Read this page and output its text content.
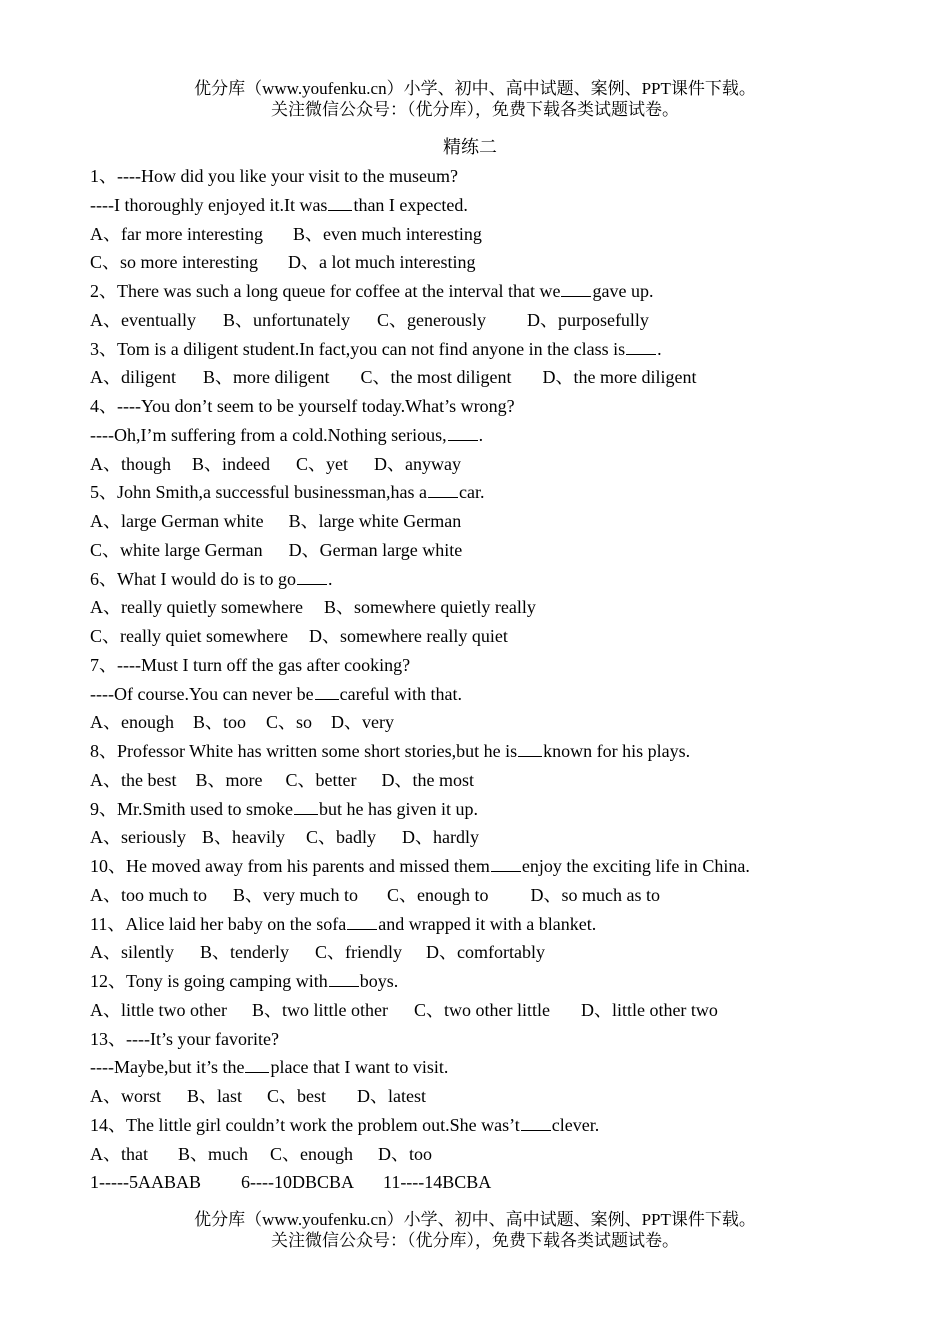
优分库（www.youfenku.cn）小学、初中、高中试题、案例、PPT课件下载。
关注微信公众号：（优分库），免费下载各类试题试卷。
精练二
1、----How did you like your visit to the museum?
----I thoroughly enjoyed it.It was than I expected.
A、far more interesting B、even much interesting
C、so more interesting D、a lot much interesting
2、There was such a long queue for coffee at the interval that we gave up.
A、eventually B、unfortunately C、generously D、purposefully
3、Tom is a diligent student.In fact,you can not find anyone in the class is .
A、diligent B、more diligent C、the most diligent D、the more diligent
4、----You don’t seem to be yourself today.What’s wrong?
----Oh,I’m suffering from a cold.Nothing serious, .
A、though B、indeed C、yet D、anyway
5、John Smith,a successful businessman,has a car.
A、large German white B、large white German
C、white large German D、German large white
6、What I would do is to go .
A、really quietly somewhere B、somewhere quietly really
C、really quiet somewhere D、somewhere really quiet
7、----Must I turn off the gas after cooking?
----Of course.You can never be careful with that.
A、enough B、too C、so D、very
8、Professor White has written some short stories,but he is known for his plays.
A、the best B、more C、better D、the most
9、Mr.Smith used to smoke but he has given it up.
A、seriously B、heavily C、badly D、hardly
10、He moved away from his parents and missed them enjoy the exciting life in China.
A、too much to B、very much to C、enough to D、so much as to
11、Alice laid her baby on the sofa and wrapped it with a blanket.
A、silently B、tenderly C、friendly D、comfortably
12、Tony is going camping with boys.
A、little two other B、two little other C、two other little D、little other two
13、----It’s your favorite?
----Maybe,but it’s the place that I want to visit.
A、worst B、last C、best D、latest
14、The little girl couldn’t work the problem out.She was’t clever.
A、that B、much C、enough D、too
1-----5AABAB 6----10DBCBA 11----14BCBA
优分库（www.youfenku.cn）小学、初中、高中试题、案例、PPT课件下载。
关注微信公众号：（优分库），免费下载各类试题试卷。
